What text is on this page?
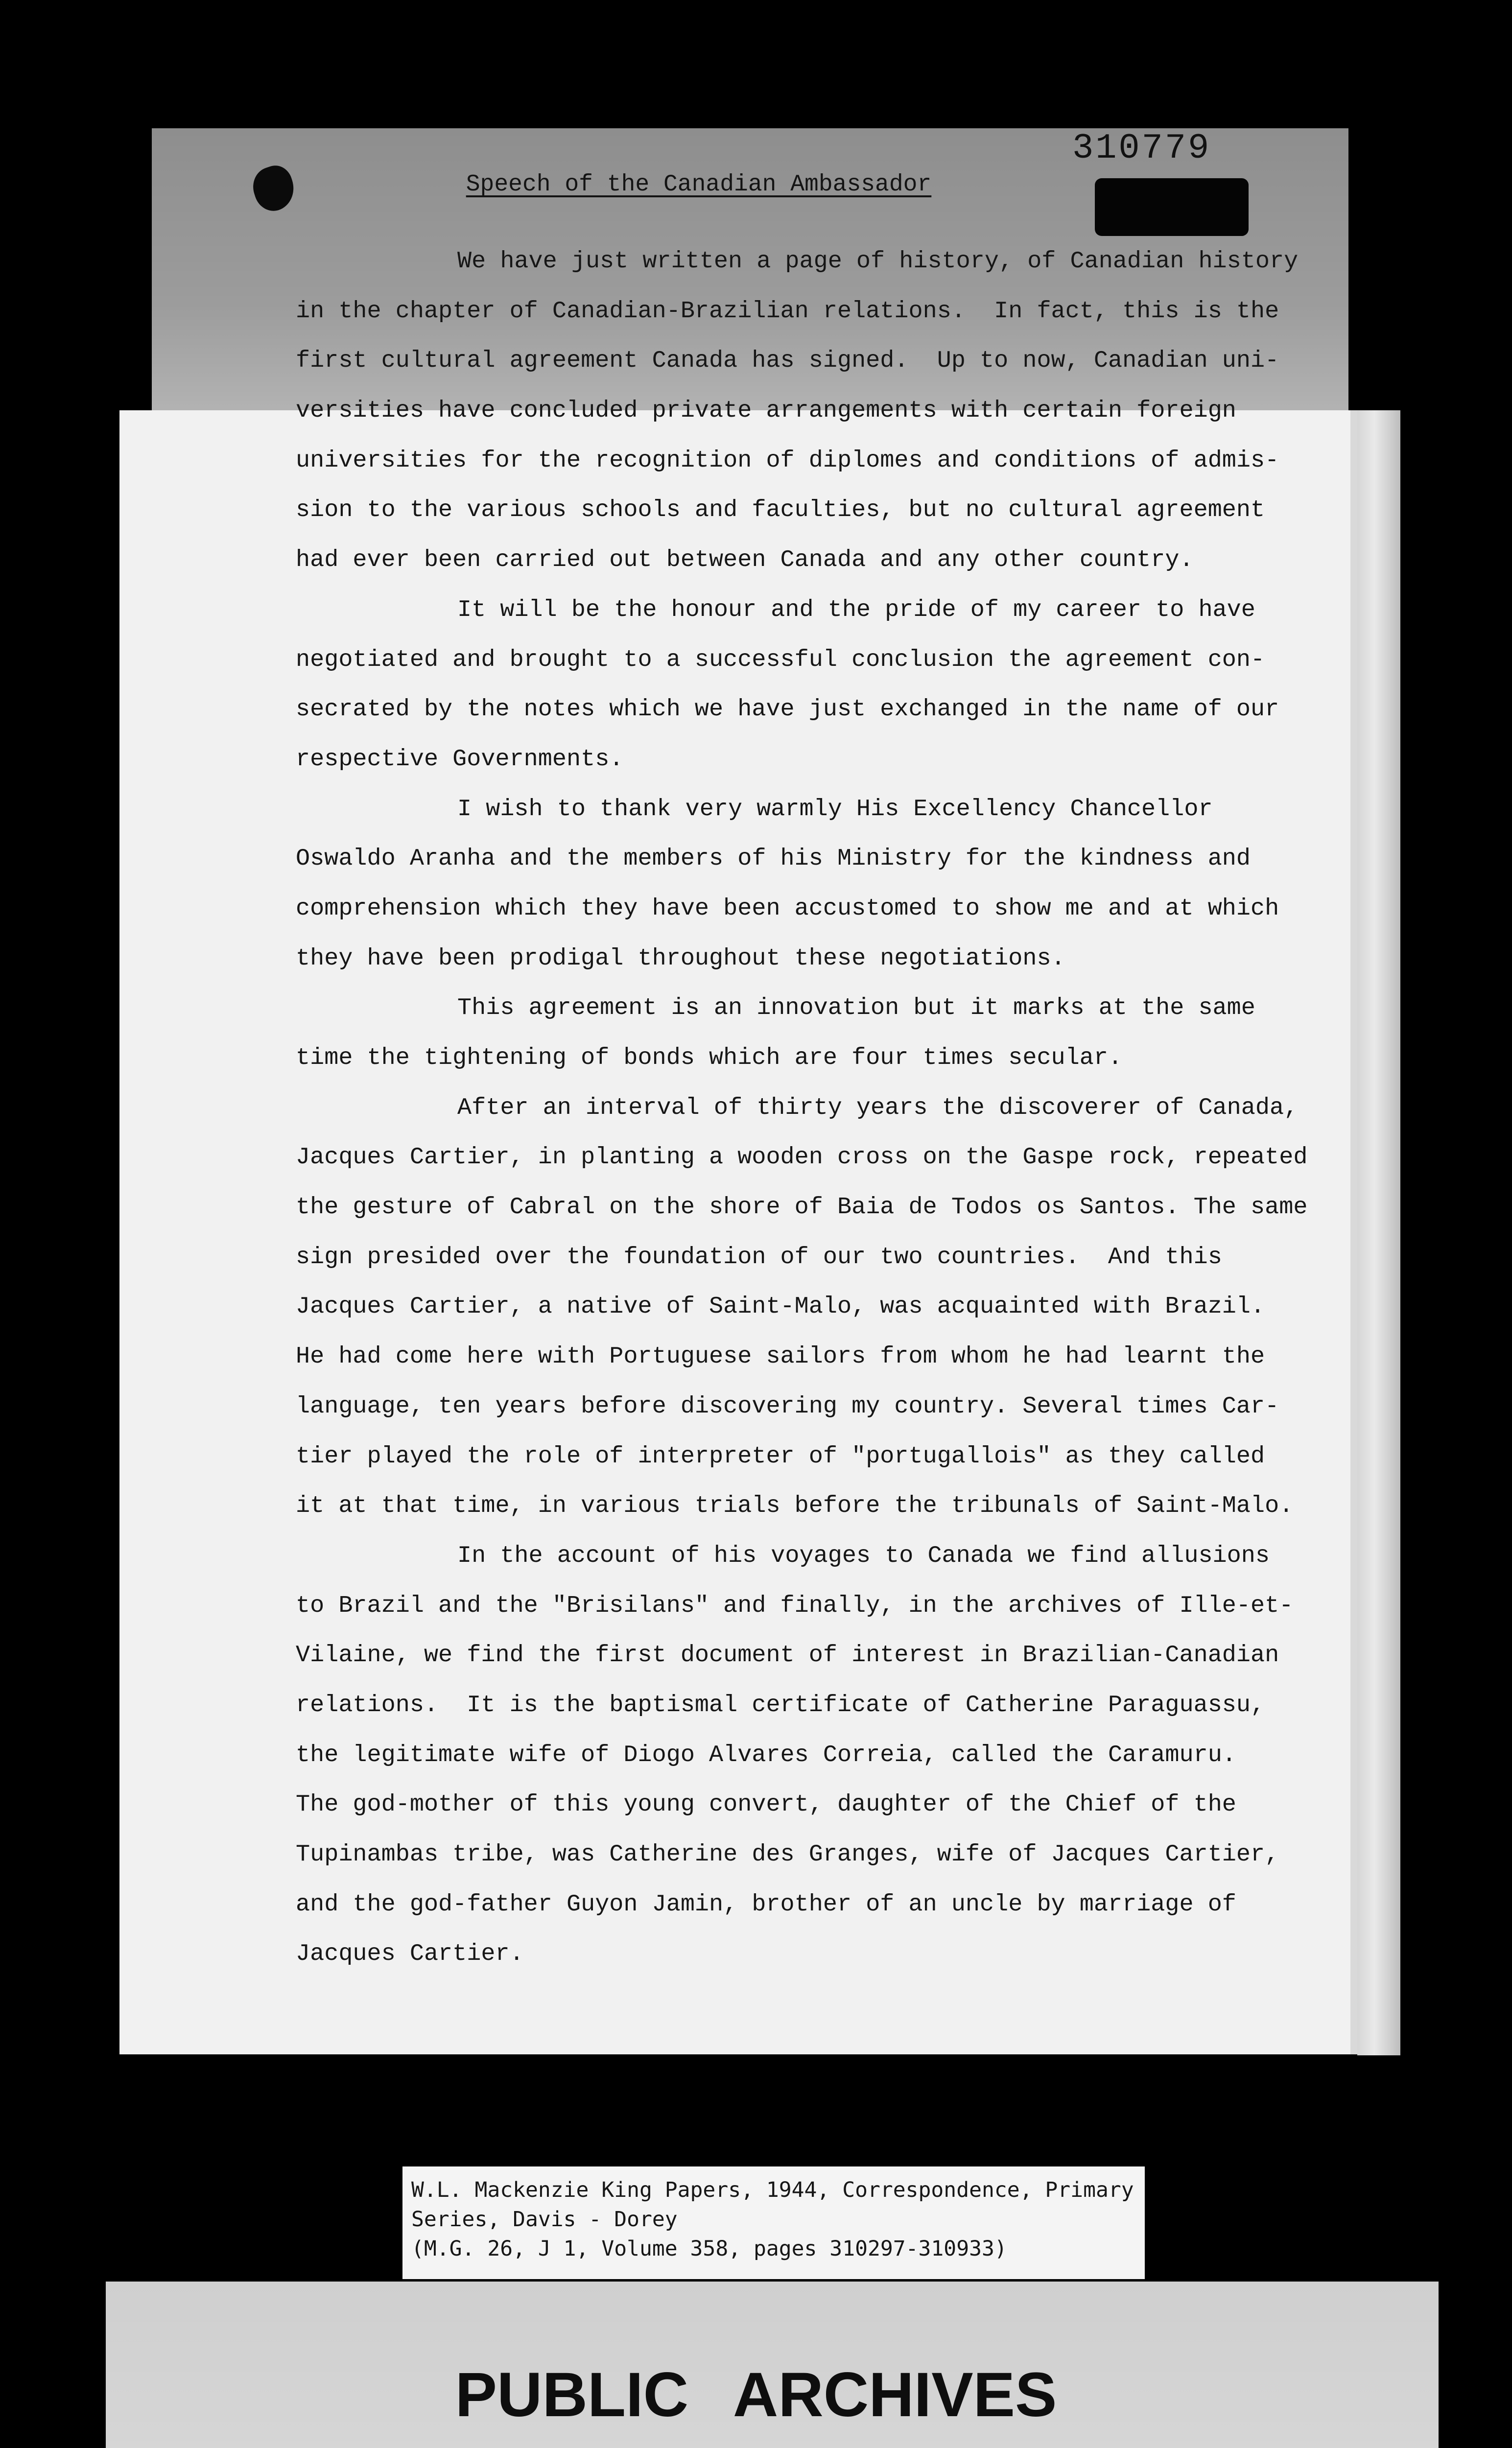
310779
Speech of the Canadian Ambassador
We have just written a page of history, of Canadian history
in the chapter of Canadian-Brazilian relations.  In fact, this is the
first cultural agreement Canada has signed.  Up to now, Canadian uni-
versities have concluded private arrangements with certain foreign
universities for the recognition of diplomes and conditions of admis-
sion to the various schools and faculties, but no cultural agreement
had ever been carried out between Canada and any other country.
It will be the honour and the pride of my career to have
negotiated and brought to a successful conclusion the agreement con-
secrated by the notes which we have just exchanged in the name of our
respective Governments.
I wish to thank very warmly His Excellency Chancellor
Oswaldo Aranha and the members of his Ministry for the kindness and
comprehension which they have been accustomed to show me and at which
they have been prodigal throughout these negotiations.
This agreement is an innovation but it marks at the same
time the tightening of bonds which are four times secular.
After an interval of thirty years the discoverer of Canada,
Jacques Cartier, in planting a wooden cross on the Gaspe rock, repeated
the gesture of Cabral on the shore of Baia de Todos os Santos. The same
sign presided over the foundation of our two countries.  And this
Jacques Cartier, a native of Saint-Malo, was acquainted with Brazil.
He had come here with Portuguese sailors from whom he had learnt the
language, ten years before discovering my country. Several times Car-
tier played the role of interpreter of "portugallois" as they called
it at that time, in various trials before the tribunals of Saint-Malo.
In the account of his voyages to Canada we find allusions
to Brazil and the "Brisilans" and finally, in the archives of Ille-et-
Vilaine, we find the first document of interest in Brazilian-Canadian
relations.  It is the baptismal certificate of Catherine Paraguassu,
the legitimate wife of Diogo Alvares Correia, called the Caramuru.
The god-mother of this young convert, daughter of the Chief of the
Tupinambas tribe, was Catherine des Granges, wife of Jacques Cartier,
and the god-father Guyon Jamin, brother of an uncle by marriage of
Jacques Cartier.
W.L. Mackenzie King Papers, 1944, Correspondence, Primary
Series, Davis - Dorey
(M.G. 26, J 1, Volume 358, pages 310297-310933)
PUBLIC ARCHIVES
